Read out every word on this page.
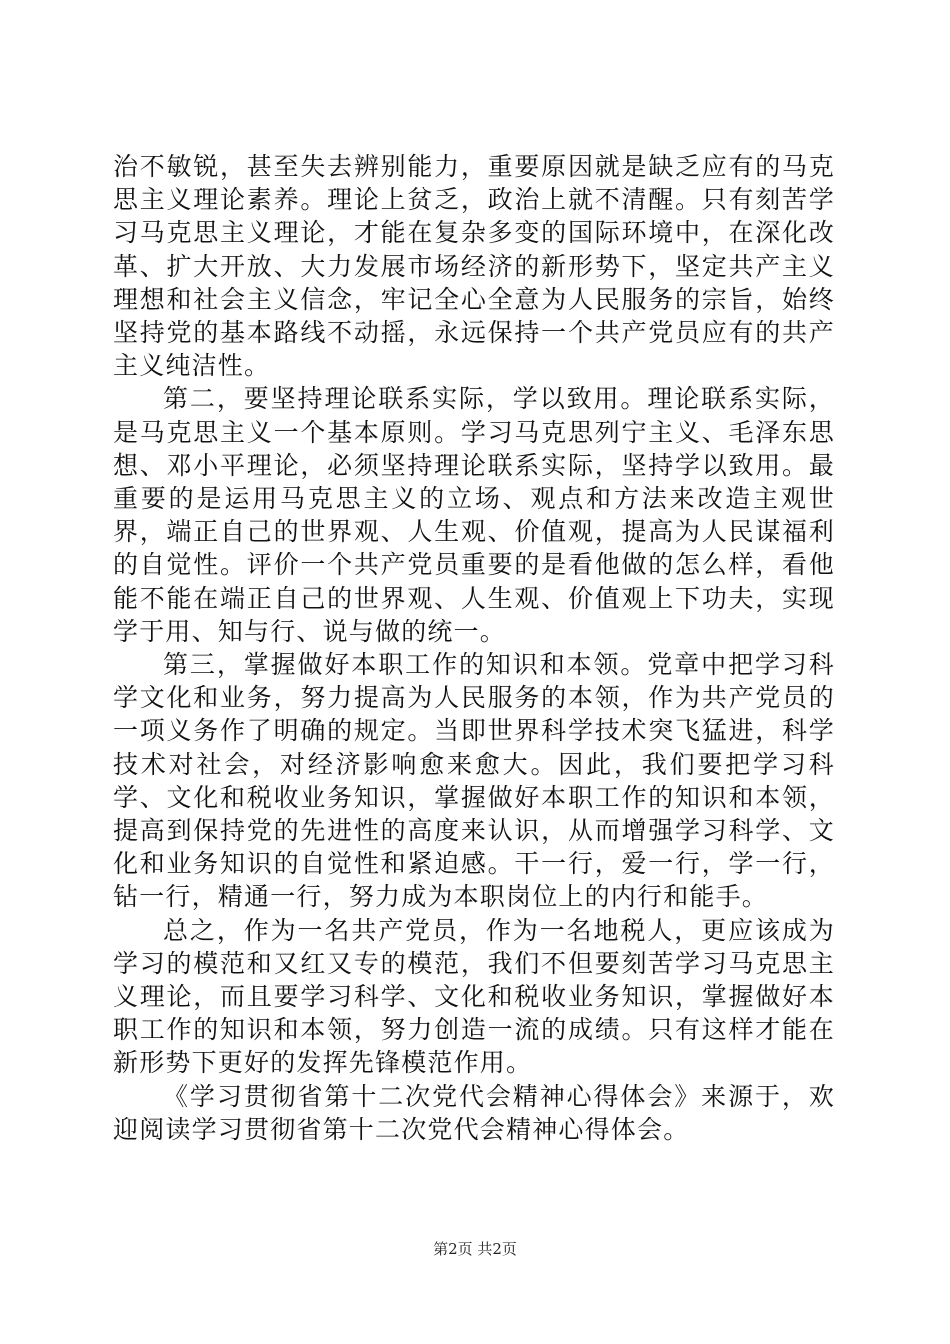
治不敏锐，甚至失去辨别能力，重要原因就是缺乏应有的马克思主义理论素养。理论上贫乏，政治上就不清醒。只有刻苦学习马克思主义理论，才能在复杂多变的国际环境中，在深化改革、扩大开放、大力发展市场经济的新形势下，坚定共产主义理想和社会主义信念，牢记全心全意为人民服务的宗旨，始终坚持党的基本路线不动摇，永远保持一个共产党员应有的共产主义纯洁性。

第二，要坚持理论联系实际，学以致用。理论联系实际，是马克思主义一个基本原则。学习马克思列宁主义、毛泽东思想、邓小平理论，必须坚持理论联系实际，坚持学以致用。最重要的是运用马克思主义的立场、观点和方法来改造主观世界，端正自己的世界观、人生观、价值观，提高为人民谋福利的自觉性。评价一个共产党员重要的是看他做的怎么样，看他能不能在端正自己的世界观、人生观、价值观上下功夫，实现学于用、知与行、说与做的统一。

第三，掌握做好本职工作的知识和本领。党章中把学习科学文化和业务，努力提高为人民服务的本领，作为共产党员的一项义务作了明确的规定。当即世界科学技术突飞猛进，科学技术对社会，对经济影响愈来愈大。因此，我们要把学习科学、文化和税收业务知识，掌握做好本职工作的知识和本领，提高到保持党的先进性的高度来认识，从而增强学习科学、文化和业务知识的自觉性和紧迫感。干一行，爱一行，学一行，钻一行，精通一行，努力成为本职岗位上的内行和能手。

总之，作为一名共产党员，作为一名地税人，更应该成为学习的模范和又红又专的模范，我们不但要刻苦学习马克思主义理论，而且要学习科学、文化和税收业务知识，掌握做好本职工作的知识和本领，努力创造一流的成绩。只有这样才能在新形势下更好的发挥先锋模范作用。

《学习贯彻省第十二次党代会精神心得体会》来源于，欢迎阅读学习贯彻省第十二次党代会精神心得体会。

第2页 共2页
